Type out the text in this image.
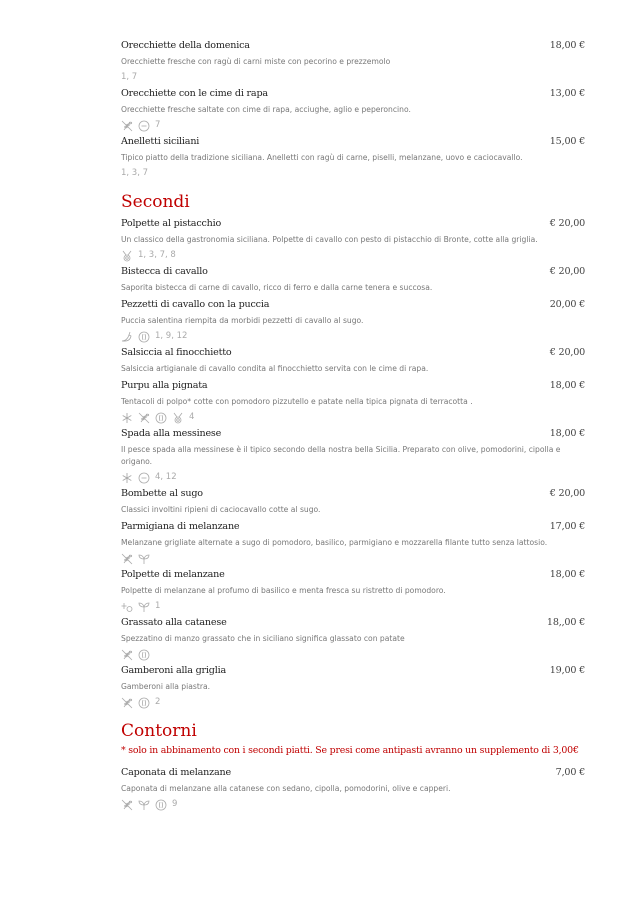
Orecchiette della domenica	18,00 €
Orecchiette fresche con ragù di carni miste con pecorino e prezzemolo
1, 7
Orecchiette con le cime di rapa	13,00 €
Orecchiette fresche saltate con cime di rapa, acciughe, aglio e peperoncino.
7
Anelletti siciliani	15,00 €
Tipico piatto della tradizione siciliana. Anelletti con ragù di carne, piselli, melanzane, uovo e caciocavallo.
1, 3, 7
Secondi
Polpette al pistacchio	€ 20,00
Un classico della gastronomia siciliana. Polpette di cavallo con pesto di pistacchio di Bronte, cotte alla griglia.
1, 3, 7, 8
Bistecca di cavallo	€ 20,00
Saporita bistecca di carne di cavallo, ricco di ferro e dalla carne tenera e succosa.
Pezzetti di cavallo con la puccia	20,00 €
Puccia salentina riempita da morbidi pezzetti di cavallo al sugo.
1, 9, 12
Salsiccia al finocchietto	€ 20,00
Salsiccia artigianale di cavallo condita al finocchietto servita con le cime di rapa.
Purpu alla pignata	18,00 €
Tentacoli di polpo* cotte con pomodoro pizzutello e patate nella tipica pignata di terracotta .
4
Spada alla messinese	18,00 €
Il pesce spada alla messinese è il tipico secondo della nostra bella Sicilia. Preparato con olive, pomodorini, cipolla e origano.
4, 12
Bombette al sugo	€ 20,00
Classici involtini ripieni di caciocavallo cotte al sugo.
Parmigiana di melanzane	17,00 €
Melanzane grigliate alternate a sugo di pomodoro, basilico, parmigiano e mozzarella filante tutto senza lattosio.
Polpette di melanzane	18,00 €
Polpette di melanzane al profumo di basilico e menta fresca su ristretto di pomodoro.
1
Grassato alla catanese	18,,00 €
Spezzatino di manzo grassato che in siciliano significa glassato con patate
Gamberoni alla griglia	19,00 €
Gamberoni alla piastra.
2
Contorni
* solo in abbinamento con i secondi piatti. Se presi come antipasti avranno un supplemento di 3,00€
Caponata di melanzane	7,00 €
Caponata di melanzane alla catanese con sedano, cipolla, pomodorini, olive e capperi.
9
